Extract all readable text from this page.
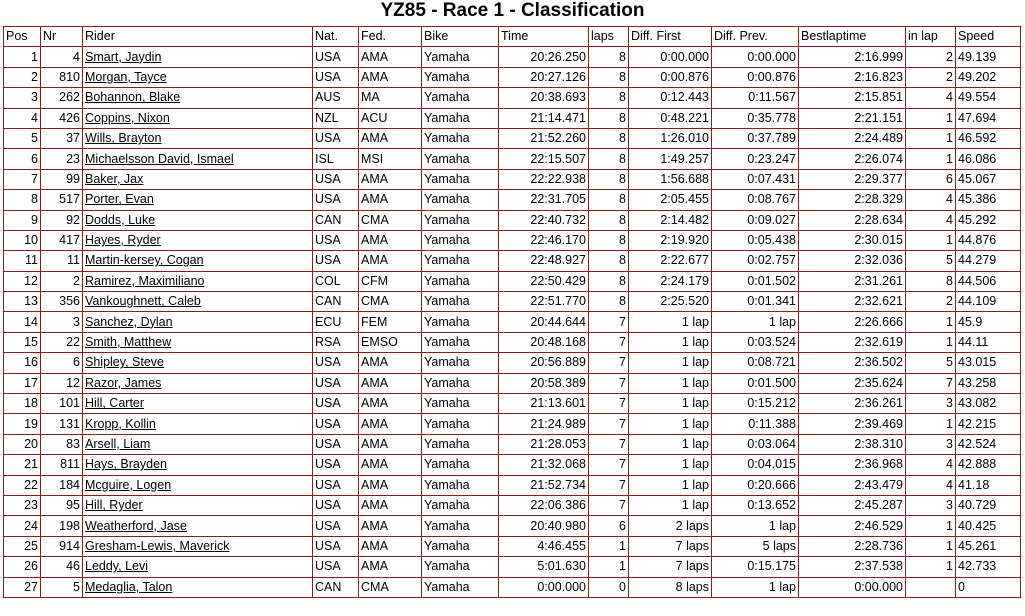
YZ85 - Race 1 - Classification
Pos	Nr	Rider	Nat.	Fed.	Bike	Time	laps	Diff. First	Diff. Prev.	Bestlaptime	in lap	Speed
1	4	Smart, Jaydin	USA	AMA	Yamaha	20:26.250	8	0:00.000	0:00.000	2:16.999	2	49.139
2	810	Morgan, Tayce	USA	AMA	Yamaha	20:27.126	8	0:00.876	0:00.876	2:16.823	2	49.202
3	262	Bohannon, Blake	AUS	MA	Yamaha	20:38.693	8	0:12.443	0:11.567	2:15.851	4	49.554
4	426	Coppins, Nixon	NZL	ACU	Yamaha	21:14.471	8	0:48.221	0:35.778	2:21.151	1	47.694
5	37	Wills, Brayton	USA	AMA	Yamaha	21:52.260	8	1:26.010	0:37.789	2:24.489	1	46.592
6	23	Michaelsson David, Ismael	ISL	MSI	Yamaha	22:15.507	8	1:49.257	0:23.247	2:26.074	1	46.086
7	99	Baker, Jax	USA	AMA	Yamaha	22:22.938	8	1:56.688	0:07.431	2:29.377	6	45.067
8	517	Porter, Evan	USA	AMA	Yamaha	22:31.705	8	2:05.455	0:08.767	2:28.329	4	45.386
9	92	Dodds, Luke	CAN	CMA	Yamaha	22:40.732	8	2:14.482	0:09.027	2:28.634	4	45.292
10	417	Hayes, Ryder	USA	AMA	Yamaha	22:46.170	8	2:19.920	0:05.438	2:30.015	1	44.876
11	11	Martin-kersey, Cogan	USA	AMA	Yamaha	22:48.927	8	2:22.677	0:02.757	2:32.036	5	44.279
12	2	Ramirez, Maximiliano	COL	CFM	Yamaha	22:50.429	8	2:24.179	0:01.502	2:31.261	8	44.506
13	356	Vankoughnett, Caleb	CAN	CMA	Yamaha	22:51.770	8	2:25.520	0:01.341	2:32.621	2	44.109
14	3	Sanchez, Dylan	ECU	FEM	Yamaha	20:44.644	7	1 lap	1 lap	2:26.666	1	45.9
15	22	Smith, Matthew	RSA	EMSO	Yamaha	20:48.168	7	1 lap	0:03.524	2:32.619	1	44.11
16	6	Shipley, Steve	USA	AMA	Yamaha	20:56.889	7	1 lap	0:08.721	2:36.502	5	43.015
17	12	Razor, James	USA	AMA	Yamaha	20:58.389	7	1 lap	0:01.500	2:35.624	7	43.258
18	101	Hill, Carter	USA	AMA	Yamaha	21:13.601	7	1 lap	0:15.212	2:36.261	3	43.082
19	131	Kropp, Kollin	USA	AMA	Yamaha	21:24.989	7	1 lap	0:11.388	2:39.469	1	42.215
20	83	Arsell, Liam	USA	AMA	Yamaha	21:28.053	7	1 lap	0:03.064	2:38.310	3	42.524
21	811	Hays, Brayden	USA	AMA	Yamaha	21:32.068	7	1 lap	0:04.015	2:36.968	4	42.888
22	184	Mcguire, Logen	USA	AMA	Yamaha	21:52.734	7	1 lap	0:20.666	2:43.479	4	41.18
23	95	Hill, Ryder	USA	AMA	Yamaha	22:06.386	7	1 lap	0:13.652	2:45.287	3	40.729
24	198	Weatherford, Jase	USA	AMA	Yamaha	20:40.980	6	2 laps	1 lap	2:46.529	1	40.425
25	914	Gresham-Lewis, Maverick	USA	AMA	Yamaha	4:46.455	1	7 laps	5 laps	2:28.736	1	45.261
26	46	Leddy, Levi	USA	AMA	Yamaha	5:01.630	1	7 laps	0:15.175	2:37.538	1	42.733
27	5	Medaglia, Talon	CAN	CMA	Yamaha	0:00.000	0	8 laps	1 lap	0:00.000		0
